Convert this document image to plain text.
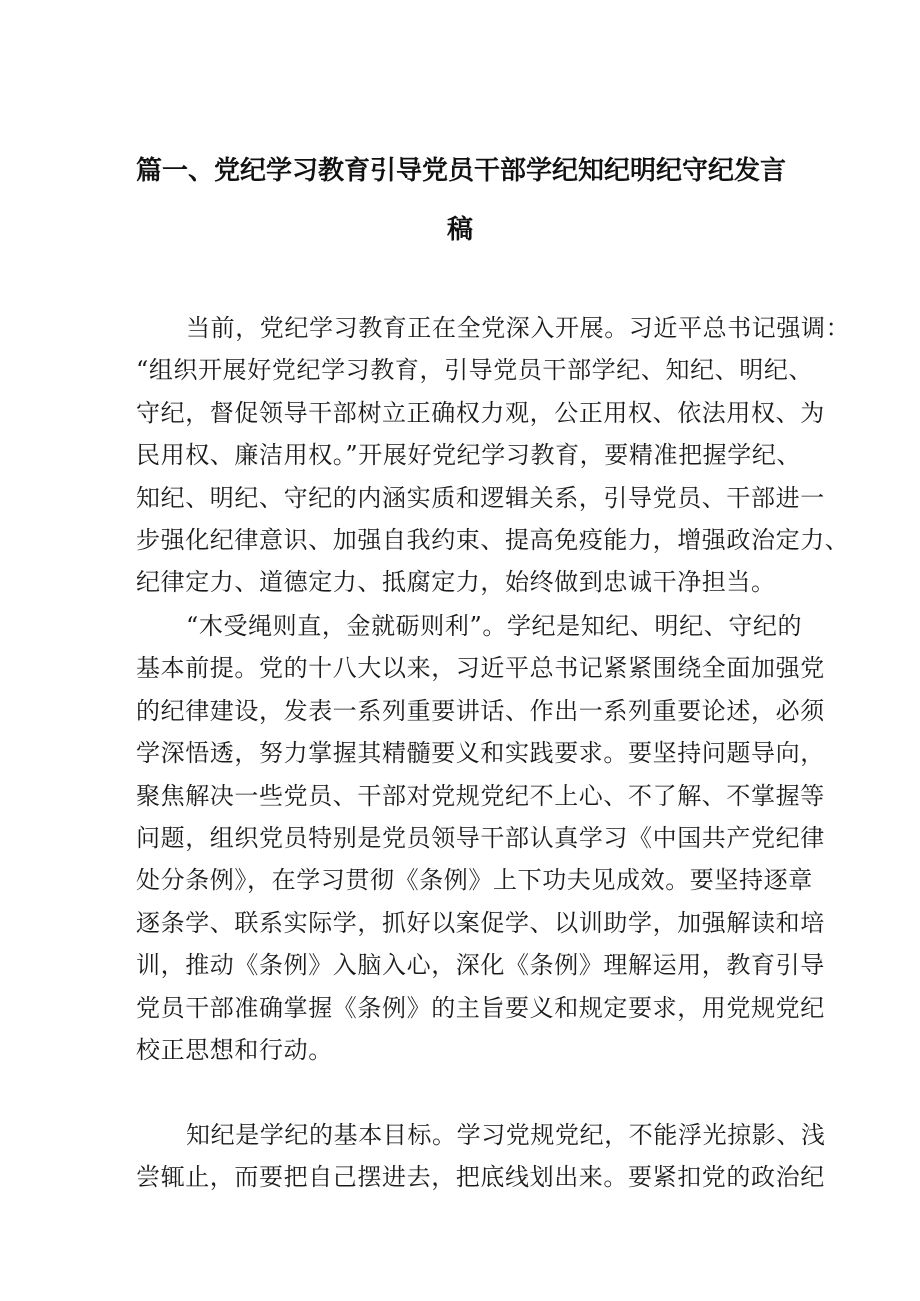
篇一、党纪学习教育引导党员干部学纪知纪明纪守纪发言
稿
当前，党纪学习教育正在全党深入开展。习近平总书记强调：
“组织开展好党纪学习教育，引导党员干部学纪、知纪、明纪、
守纪，督促领导干部树立正确权力观，公正用权、依法用权、为
民用权、廉洁用权。”开展好党纪学习教育，要精准把握学纪、
知纪、明纪、守纪的内涵实质和逻辑关系，引导党员、干部进一
步强化纪律意识、加强自我约束、提高免疫能力，增强政治定力、
纪律定力、道德定力、抵腐定力，始终做到忠诚干净担当。
“木受绳则直，金就砺则利”。学纪是知纪、明纪、守纪的
基本前提。党的十八大以来，习近平总书记紧紧围绕全面加强党
的纪律建设，发表一系列重要讲话、作出一系列重要论述，必须
学深悟透，努力掌握其精髓要义和实践要求。要坚持问题导向，
聚焦解决一些党员、干部对党规党纪不上心、不了解、不掌握等
问题，组织党员特别是党员领导干部认真学习《中国共产党纪律
处分条例》，在学习贯彻《条例》上下功夫见成效。要坚持逐章
逐条学、联系实际学，抓好以案促学、以训助学，加强解读和培
训，推动《条例》入脑入心，深化《条例》理解运用，教育引导
党员干部准确掌握《条例》的主旨要义和规定要求，用党规党纪
校正思想和行动。
知纪是学纪的基本目标。学习党规党纪，不能浮光掠影、浅
尝辄止，而要把自己摆进去，把底线划出来。要紧扣党的政治纪
